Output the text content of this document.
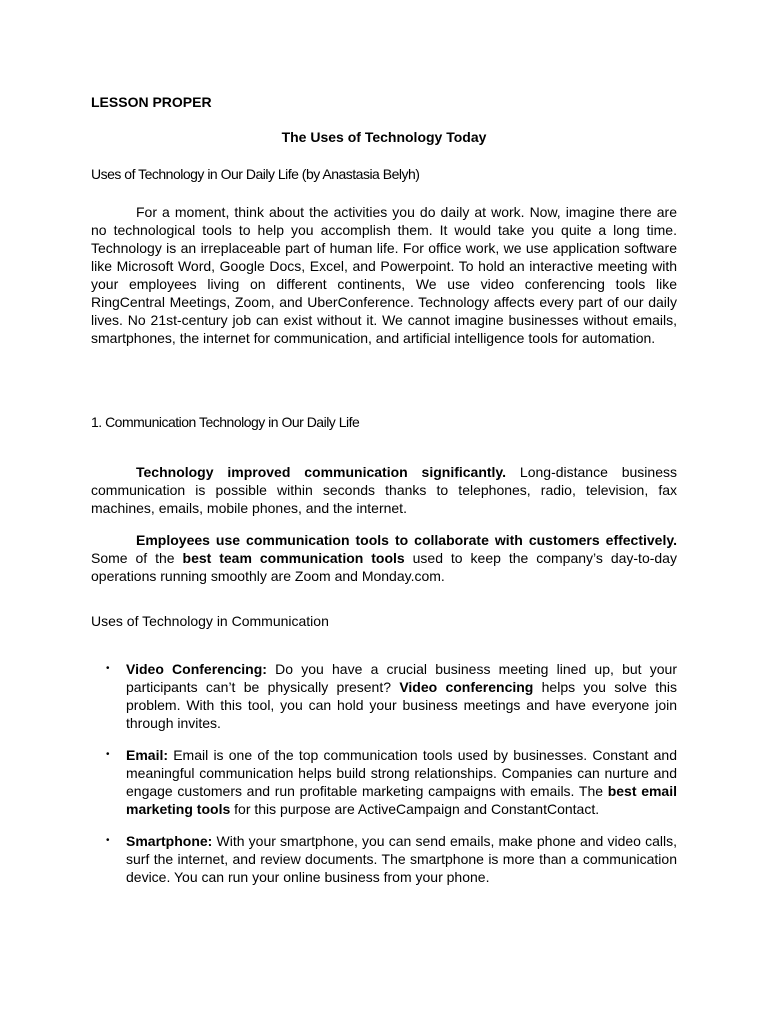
LESSON PROPER

The Uses of Technology Today

Uses of Technology in Our Daily Life (by Anastasia Belyh)

For a moment, think about the activities you do daily at work. Now, imagine there are no technological tools to help you accomplish them. It would take you quite a long time. Technology is an irreplaceable part of human life. For office work, we use application software like Microsoft Word, Google Docs, Excel, and Powerpoint. To hold an interactive meeting with your employees living on different continents, We use video conferencing tools like RingCentral Meetings, Zoom, and UberConference. Technology affects every part of our daily lives. No 21st-century job can exist without it. We cannot imagine businesses without emails, smartphones, the internet for communication, and artificial intelligence tools for automation.

1. Communication Technology in Our Daily Life

Technology improved communication significantly. Long-distance business communication is possible within seconds thanks to telephones, radio, television, fax machines, emails, mobile phones, and the internet.

Employees use communication tools to collaborate with customers effectively. Some of the best team communication tools used to keep the company’s day-to-day operations running smoothly are Zoom and Monday.com.

Uses of Technology in Communication

• Video Conferencing: Do you have a crucial business meeting lined up, but your participants can’t be physically present? Video conferencing helps you solve this problem. With this tool, you can hold your business meetings and have everyone join through invites.
• Email: Email is one of the top communication tools used by businesses. Constant and meaningful communication helps build strong relationships. Companies can nurture and engage customers and run profitable marketing campaigns with emails. The best email marketing tools for this purpose are ActiveCampaign and ConstantContact.
• Smartphone: With your smartphone, you can send emails, make phone and video calls, surf the internet, and review documents. The smartphone is more than a communication device. You can run your online business from your phone.
